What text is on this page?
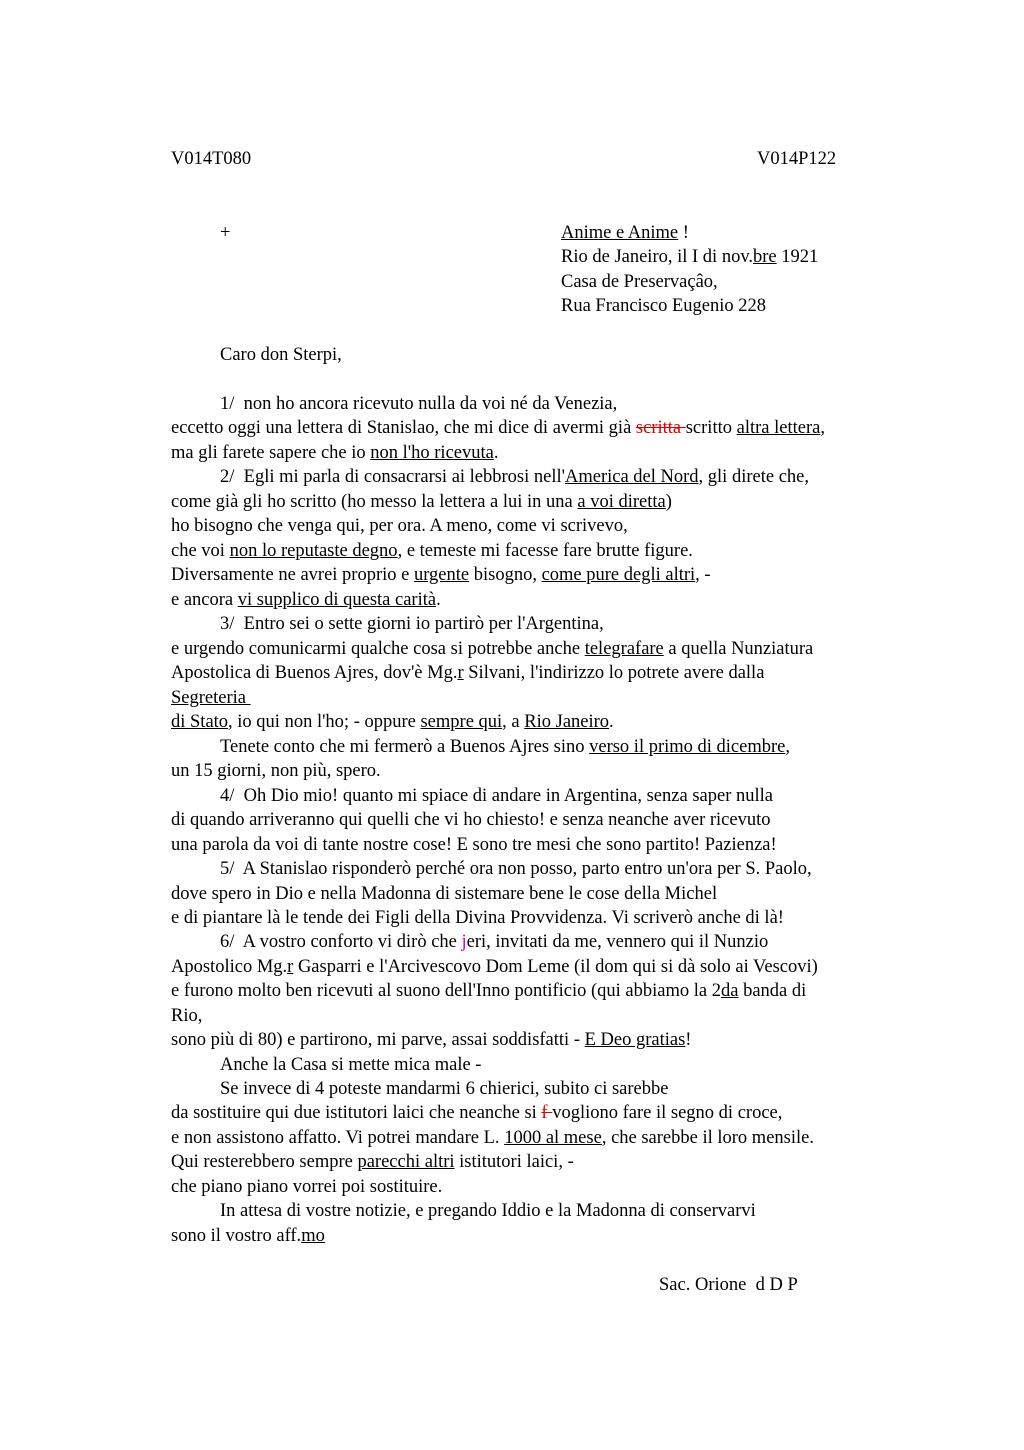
V014T080	V014P122
+	Anime e Anime !
Rio de Janeiro, il I di nov.bre 1921
Casa de Preservaçâo,
Rua Francisco Eugenio 228
Caro don Sterpi,
1/  non ho ancora ricevuto nulla da voi né da Venezia,
eccetto oggi una lettera di Stanislao, che mi dice di avermi già scritta scritto altra lettera,
ma gli farete sapere che io non l'ho ricevuta.
2/  Egli mi parla di consacrarsi ai lebbrosi nell'America del Nord, gli direte che,
come già gli ho scritto (ho messo la lettera a lui in una a voi diretta)
ho bisogno che venga qui, per ora. A meno, come vi scrivevo,
che voi non lo reputaste degno, e temeste mi facesse fare brutte figure.
Diversamente ne avrei proprio e urgente bisogno, come pure degli altri, -
e ancora vi supplico di questa carità.
3/  Entro sei o sette giorni io partirò per l'Argentina,
e urgendo comunicarmi qualche cosa si potrebbe anche telegrafare a quella Nunziatura
Apostolica di Buenos Ajres, dov'è Mg.r Silvani, l'indirizzo lo potrete avere dalla
Segreteria
di Stato, io qui non l'ho; - oppure sempre qui, a Rio Janeiro.
Tenete conto che mi fermerò a Buenos Ajres sino verso il primo di dicembre,
un 15 giorni, non più, spero.
4/  Oh Dio mio! quanto mi spiace di andare in Argentina, senza saper nulla
di quando arriveranno qui quelli che vi ho chiesto! e senza neanche aver ricevuto
una parola da voi di tante nostre cose! E sono tre mesi che sono partito! Pazienza!
5/  A Stanislao risponderò perché ora non posso, parto entro un'ora per S. Paolo,
dove spero in Dio e nella Madonna di sistemare bene le cose della Michel
e di piantare là le tende dei Figli della Divina Provvidenza. Vi scriverò anche di là!
6/  A vostro conforto vi dirò che jeri, invitati da me, vennero qui il Nunzio
Apostolico Mg.r Gasparri e l'Arcivescovo Dom Leme (il dom qui si dà solo ai Vescovi)
e furono molto ben ricevuti al suono dell'Inno pontificio (qui abbiamo la 2da banda di
Rio,
sono più di 80) e partirono, mi parve, assai soddisfatti - E Deo gratias!
Anche la Casa si mette mica male -
Se invece di 4 poteste mandarmi 6 chierici, subito ci sarebbe
da sostituire qui due istitutori laici che neanche si f vogliono fare il segno di croce,
e non assistono affatto. Vi potrei mandare L. 1000 al mese, che sarebbe il loro mensile.
Qui resterebbero sempre parecchi altri istitutori laici, -
che piano piano vorrei poi sostituire.
In attesa di vostre notizie, e pregando Iddio e la Madonna di conservarvi
sono il vostro aff.mo
Sac. Orione  d D P
